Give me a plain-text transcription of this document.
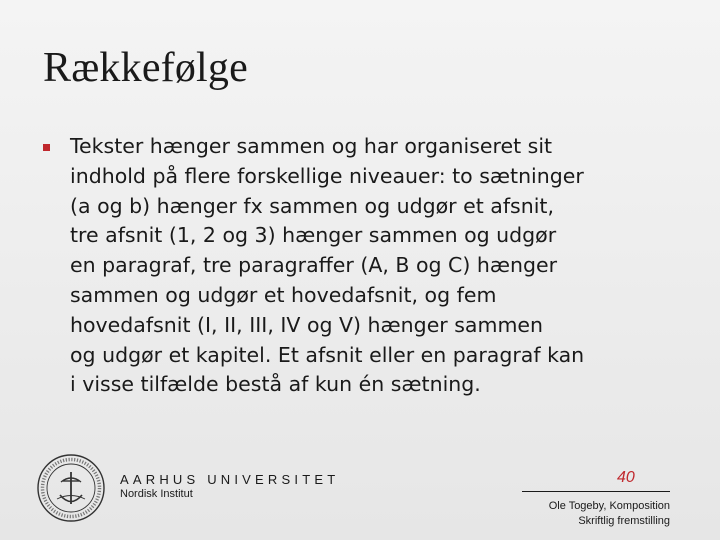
Rækkefølge
Tekster hænger sammen og har organiseret sit
indhold på flere forskellige niveauer: to sætninger
(a og b) hænger fx sammen og udgør et afsnit,
tre afsnit (1, 2 og 3) hænger sammen og udgør
en paragraf, tre paragraffer (A, B og C) hænger
sammen og udgør et hovedafsnit, og fem
hovedafsnit (I, II, III, IV og V) hænger sammen
og udgør et kapitel. Et afsnit eller en paragraf kan
i visse tilfælde bestå af kun én sætning.
AARHUS UNIVERSITET
Nordisk Institut
40
Ole Togeby, Komposition
Skriftlig fremstilling
